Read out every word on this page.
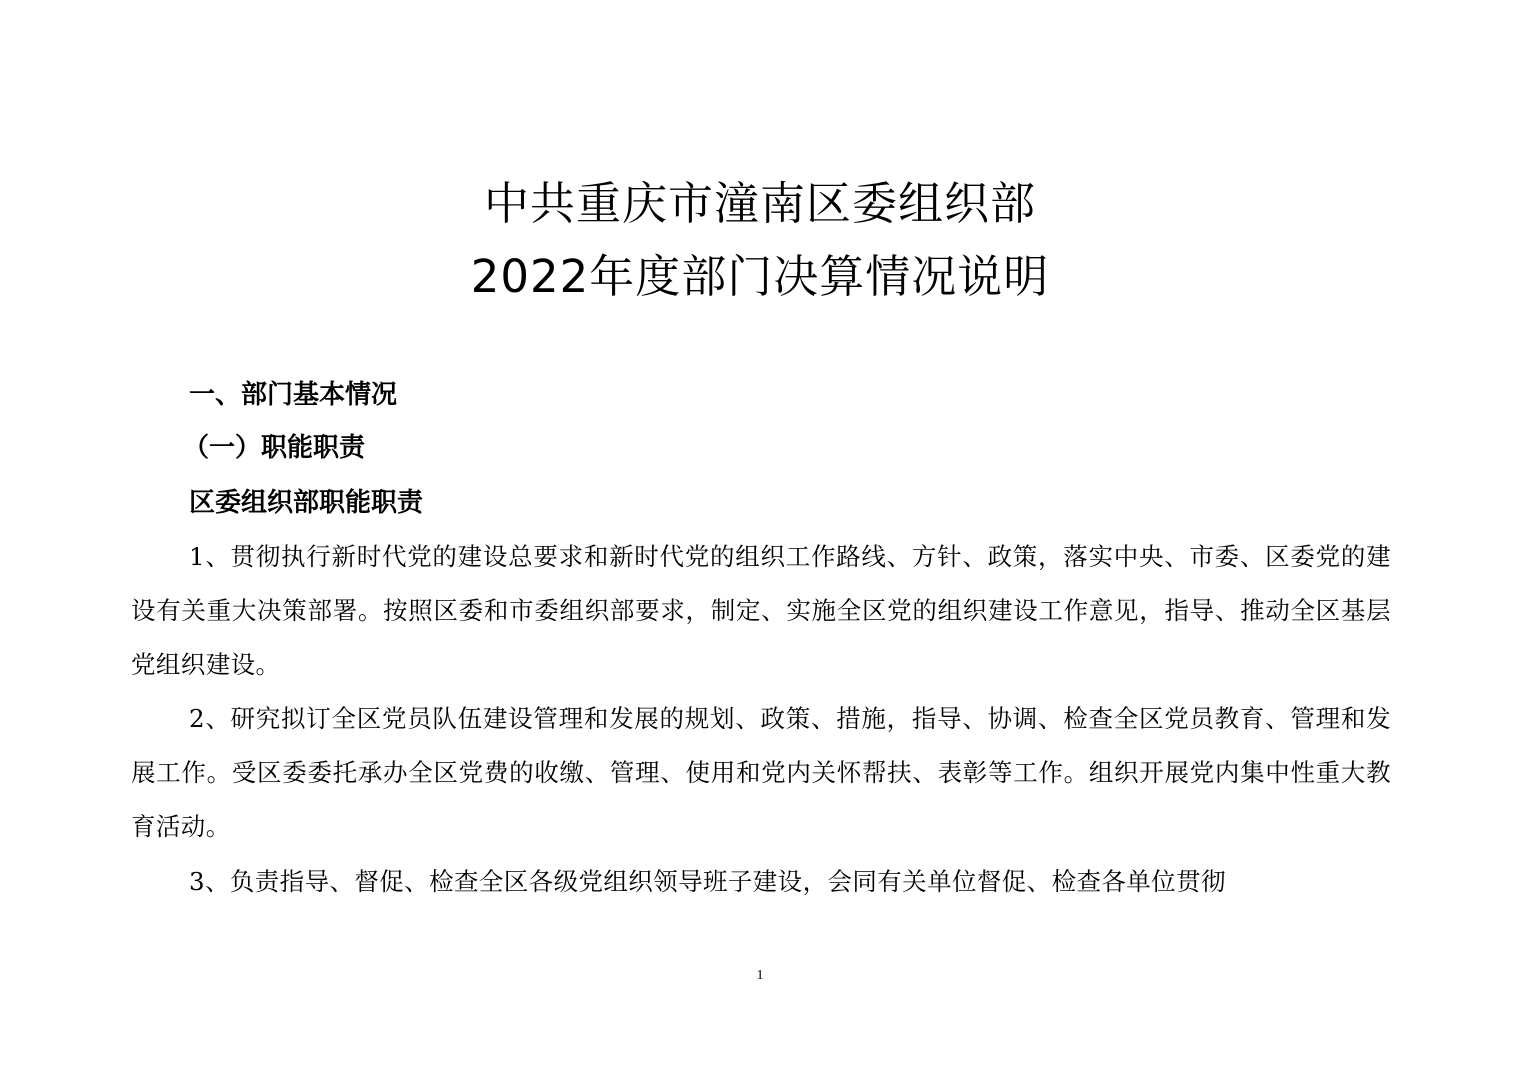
中共重庆市潼南区委组织部
2022年度部门决算情况说明
一、部门基本情况
（一）职能职责
区委组织部职能职责
1、贯彻执行新时代党的建设总要求和新时代党的组织工作路线、方针、政策，落实中央、市委、区委党的建设有关重大决策部署。按照区委和市委组织部要求，制定、实施全区党的组织建设工作意见，指导、推动全区基层党组织建设。
2、研究拟订全区党员队伍建设管理和发展的规划、政策、措施，指导、协调、检查全区党员教育、管理和发展工作。受区委委托承办全区党费的收缴、管理、使用和党内关怀帮扶、表彰等工作。组织开展党内集中性重大教育活动。
3、负责指导、督促、检查全区各级党组织领导班子建设，会同有关单位督促、检查各单位贯彻
1
